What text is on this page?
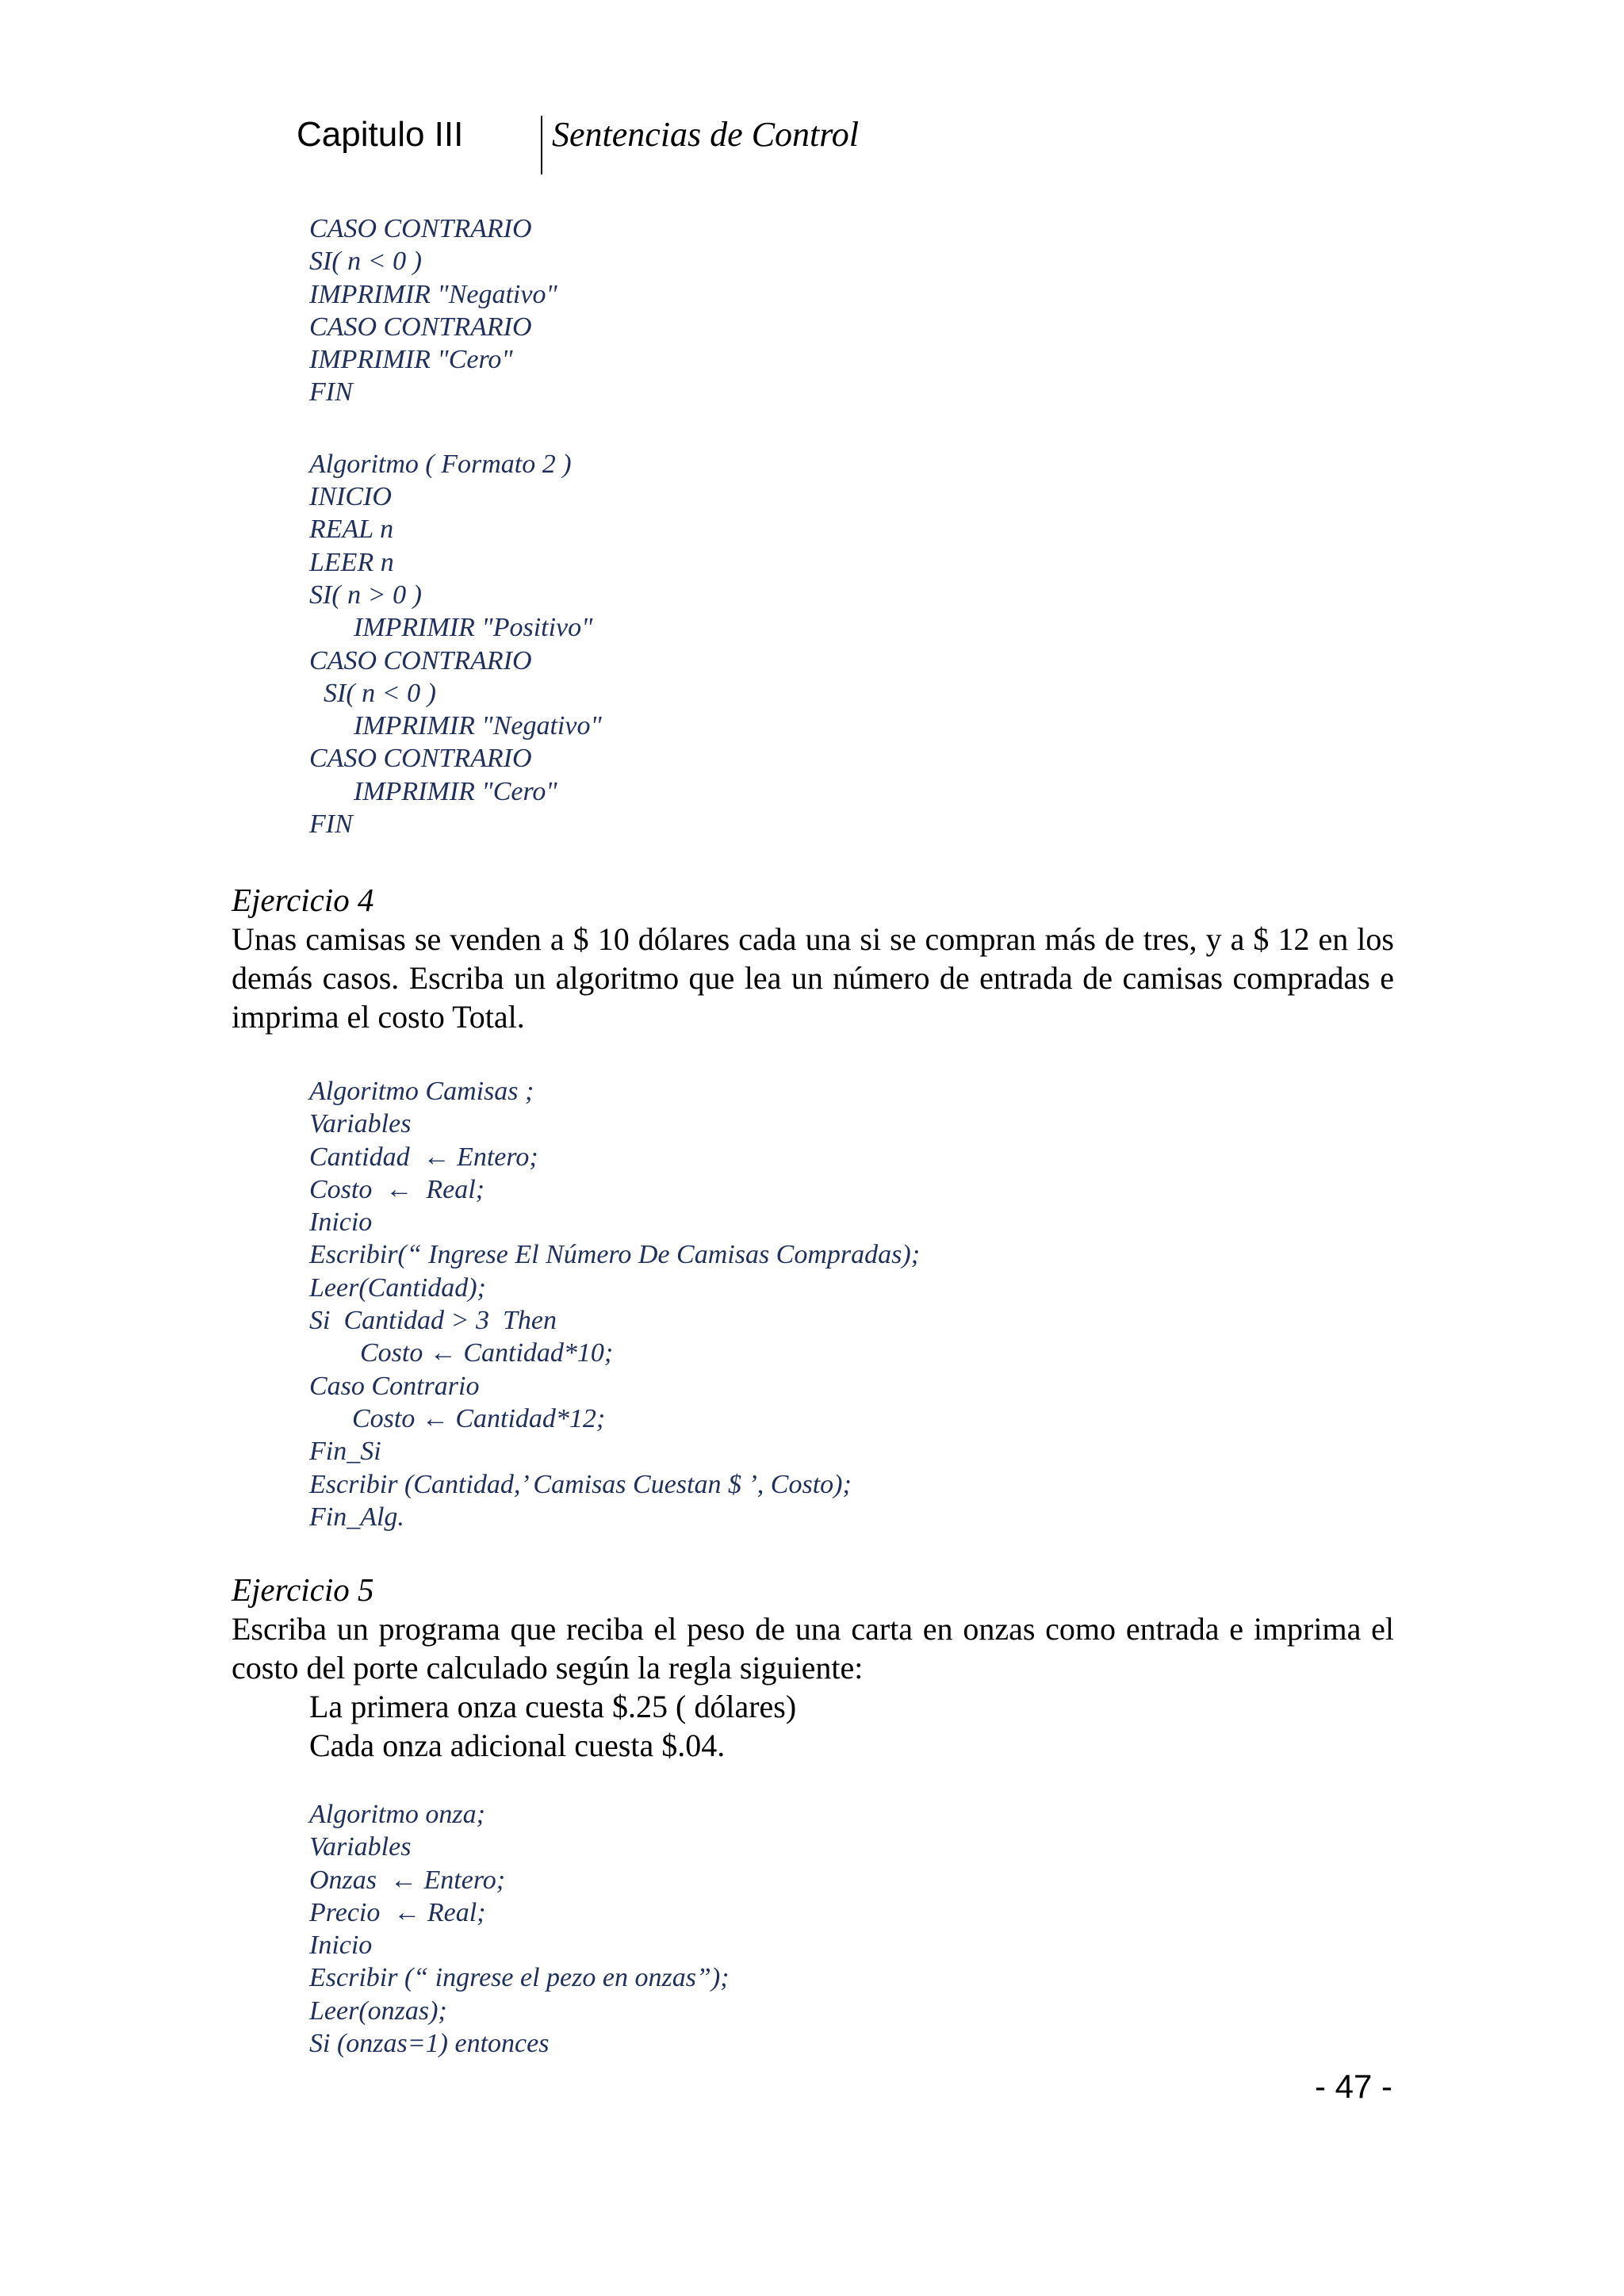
Capitulo III	Sentencias de Control
CASO CONTRARIO
SI( n < 0 )
IMPRIMIR "Negativo"
CASO CONTRARIO
IMPRIMIR "Cero"
FIN
Algoritmo ( Formato 2 )
INICIO
REAL n
LEER n
SI( n > 0 )
IMPRIMIR "Positivo"
CASO CONTRARIO
SI( n < 0 )
IMPRIMIR "Negativo"
CASO CONTRARIO
IMPRIMIR "Cero"
FIN
Ejercicio 4
Unas camisas se venden a $ 10 dólares cada una si se compran más de tres, y a $ 12 en los demás casos. Escriba un algoritmo que lea un número de entrada de camisas compradas e imprima el costo Total.
Algoritmo Camisas ;
Variables
Cantidad  ← Entero;
Costo  ←  Real;
Inicio
Escribir(“ Ingrese El Número De Camisas Compradas);
Leer(Cantidad);
Si  Cantidad > 3  Then
Costo ← Cantidad*10;
Caso Contrario
Costo ← Cantidad*12;
Fin_Si
Escribir (Cantidad,’ Camisas Cuestan $ ’, Costo);
Fin_Alg.
Ejercicio 5
Escriba un programa que reciba el peso de una carta en onzas como entrada e imprima el costo del porte calculado según la regla siguiente:
La primera onza cuesta $.25 ( dólares)
Cada onza adicional cuesta $.04.
Algoritmo onza;
Variables
Onzas  ← Entero;
Precio  ← Real;
Inicio
Escribir (“ ingrese el pezo en onzas”);
Leer(onzas);
Si (onzas=1) entonces
- 47 -
